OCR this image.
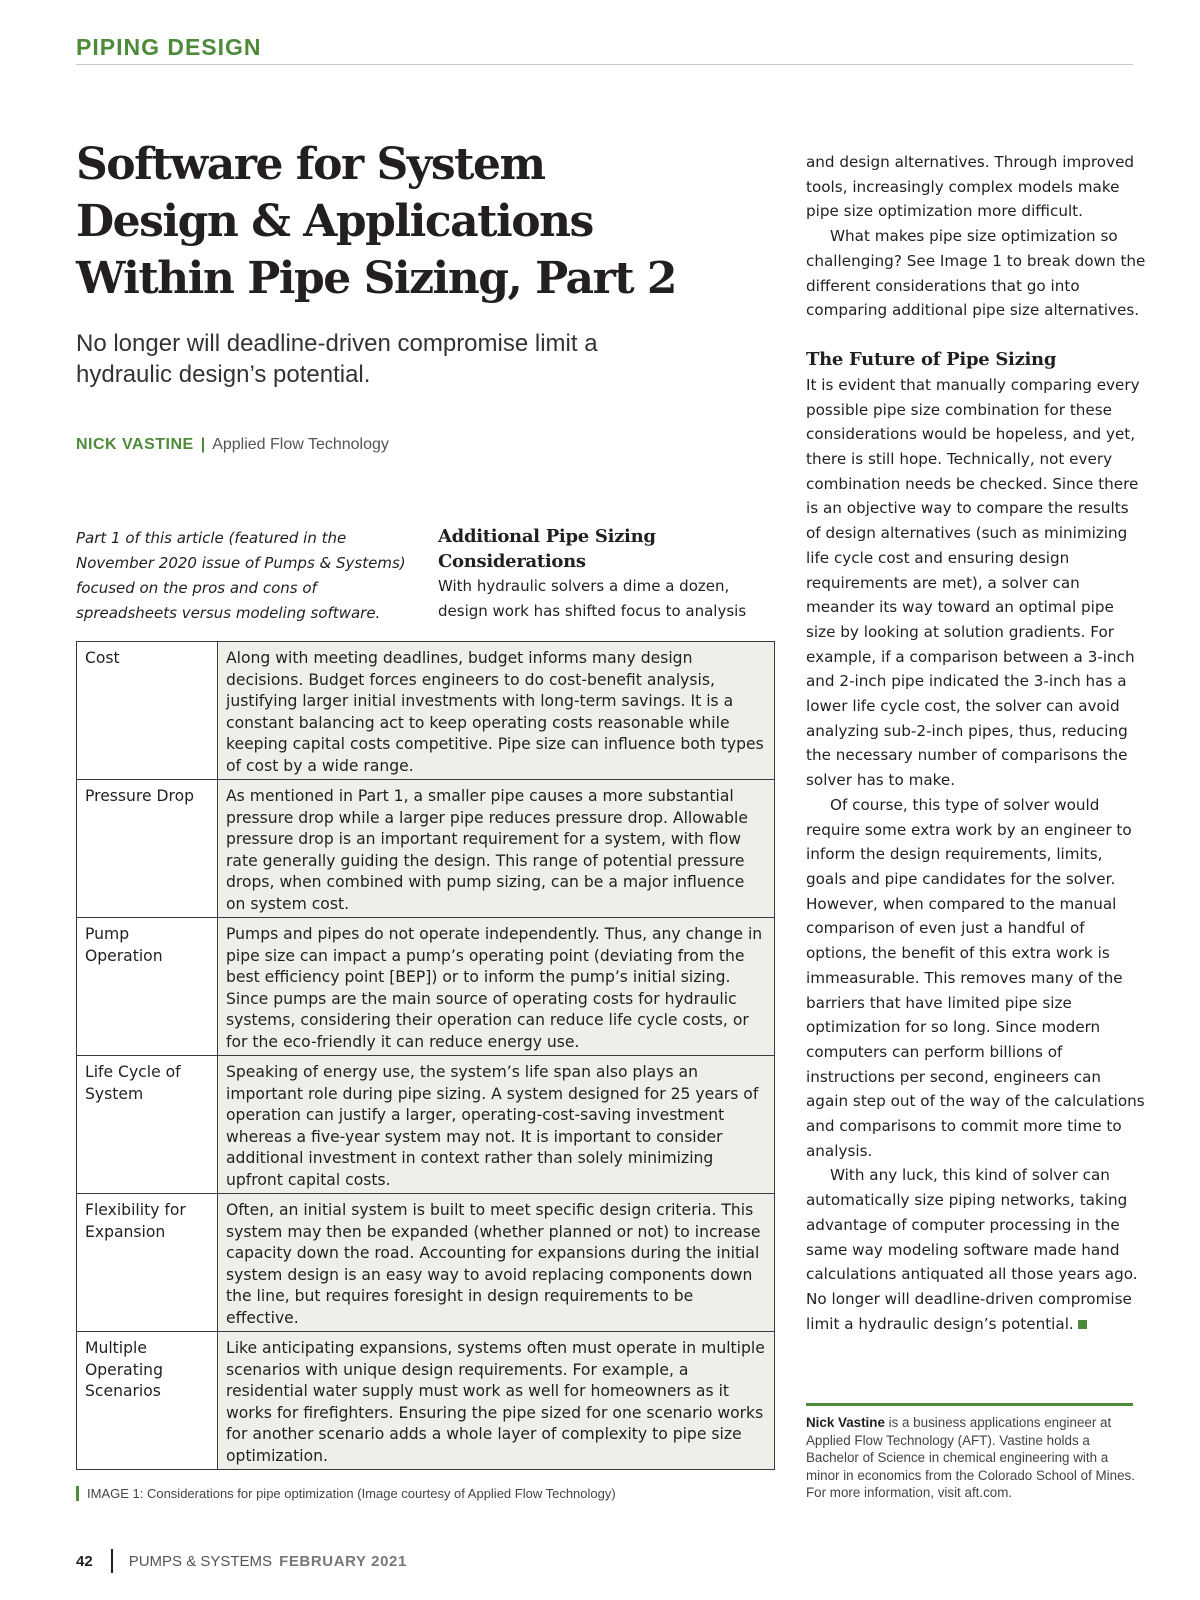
PIPING DESIGN
Software for System Design & Applications Within Pipe Sizing, Part 2
No longer will deadline-driven compromise limit a hydraulic design’s potential.
NICK VASTINE | Applied Flow Technology
Part 1 of this article (featured in the November 2020 issue of Pumps & Systems) focused on the pros and cons of spreadsheets versus modeling software.
Additional Pipe Sizing Considerations

With hydraulic solvers a dime a dozen, design work has shifted focus to analysis

Cost	Along with meeting deadlines, budget informs many design decisions. Budget forces engineers to do cost-benefit analysis, justifying larger initial investments with long-term savings. It is a constant balancing act to keep operating costs reasonable while keeping capital costs competitive. Pipe size can influence both types of cost by a wide range.
Pressure Drop	As mentioned in Part 1, a smaller pipe causes a more substantial pressure drop while a larger pipe reduces pressure drop. Allowable pressure drop is an important requirement for a system, with flow rate generally guiding the design. This range of potential pressure drops, when combined with pump sizing, can be a major influence on system cost.
Pump Operation	Pumps and pipes do not operate independently. Thus, any change in pipe size can impact a pump’s operating point (deviating from the best efficiency point [BEP]) or to inform the pump’s initial sizing. Since pumps are the main source of operating costs for hydraulic systems, considering their operation can reduce life cycle costs, or for the eco-friendly it can reduce energy use.
Life Cycle of System	Speaking of energy use, the system’s life span also plays an important role during pipe sizing. A system designed for 25 years of operation can justify a larger, operating-cost-saving investment whereas a five-year system may not. It is important to consider additional investment in context rather than solely minimizing upfront capital costs.
Flexibility for Expansion	Often, an initial system is built to meet specific design criteria. This system may then be expanded (whether planned or not) to increase capacity down the road. Accounting for expansions during the initial system design is an easy way to avoid replacing components down the line, but requires foresight in design requirements to be effective.
Multiple Operating Scenarios	Like anticipating expansions, systems often must operate in multiple scenarios with unique design requirements. For example, a residential water supply must work as well for homeowners as it works for firefighters. Ensuring the pipe sized for one scenario works for another scenario adds a whole layer of complexity to pipe size optimization.
IMAGE 1: Considerations for pipe optimization (Image courtesy of Applied Flow Technology)

and design alternatives. Through improved tools, increasingly complex models make pipe size optimization more difficult.

What makes pipe size optimization so challenging? See Image 1 to break down the different considerations that go into comparing additional pipe size alternatives.

The Future of Pipe Sizing

It is evident that manually comparing every possible pipe size combination for these considerations would be hopeless, and yet, there is still hope. Technically, not every combination needs be checked. Since there is an objective way to compare the results of design alternatives (such as minimizing life cycle cost and ensuring design requirements are met), a solver can meander its way toward an optimal pipe size by looking at solution gradients. For example, if a comparison between a 3-inch and 2-inch pipe indicated the 3-inch has a lower life cycle cost, the solver can avoid analyzing sub-2-inch pipes, thus, reducing the necessary number of comparisons the solver has to make.

Of course, this type of solver would require some extra work by an engineer to inform the design requirements, limits, goals and pipe candidates for the solver. However, when compared to the manual comparison of even just a handful of options, the benefit of this extra work is immeasurable. This removes many of the barriers that have limited pipe size optimization for so long. Since modern computers can perform billions of instructions per second, engineers can again step out of the way of the calculations and comparisons to commit more time to analysis.

With any luck, this kind of solver can automatically size piping networks, taking advantage of computer processing in the same way modeling software made hand calculations antiquated all those years ago. No longer will deadline-driven compromise limit a hydraulic design’s potential.

Nick Vastine is a business applications engineer at Applied Flow Technology (AFT). Vastine holds a Bachelor of Science in chemical engineering with a minor in economics from the Colorado School of Mines. For more information, visit aft.com.
42 PUMPS & SYSTEMS FEBRUARY 2021
